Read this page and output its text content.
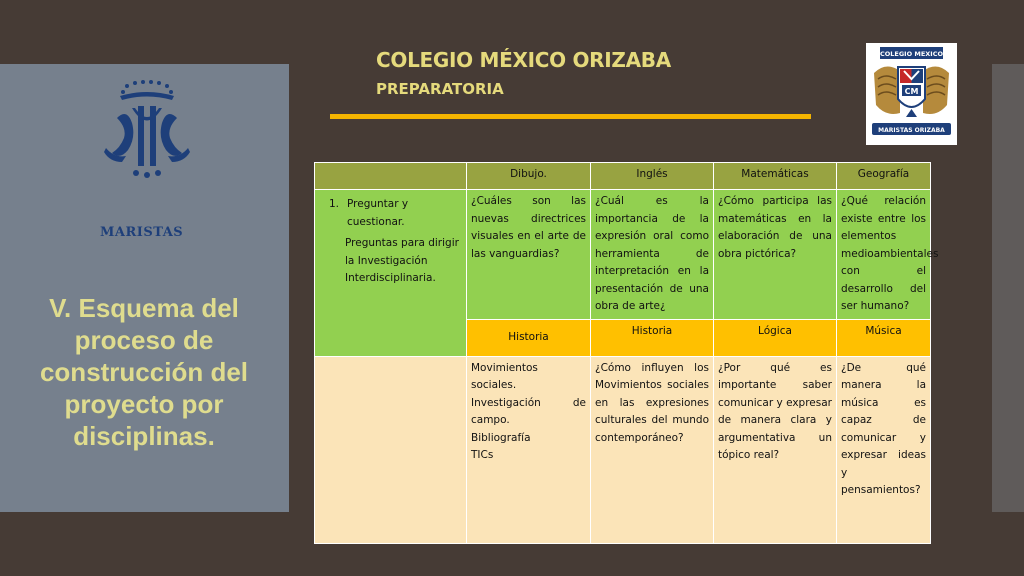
MARISTAS
V. Esquema del proceso de construcción del proyecto por disciplinas.
COLEGIO MÉXICO ORIZABA
PREPARATORIA
COLEGIO MEXICO
CM
MARISTAS ORIZABA
	Dibujo.	Inglés	Matemáticas	Geografía

1. Preguntar y cuestionar.
Preguntas para dirigir la Investigación Interdisciplinaria.	¿Cuáles son las nuevas directrices visuales en el arte de las vanguardias?	¿Cuál es la importancia de la expresión oral como herramienta de interpretación en la presentación de una obra de arte¿	¿Cómo participa las matemáticas en la elaboración de una obra pictórica?	¿Qué relación existe entre los elementos medioambientales con el desarrollo del ser humano?
	Historia	Historia	Lógica	Música

	Movimientos sociales.
Investigación de campo.
Bibliografía
TICs	¿Cómo influyen los Movimientos sociales en las expresiones culturales del mundo contemporáneo?	¿Por qué es importante saber comunicar y expresar de manera clara y argumentativa un tópico real?	¿De qué manera la música es capaz de comunicar y expresar ideas y pensamientos?
